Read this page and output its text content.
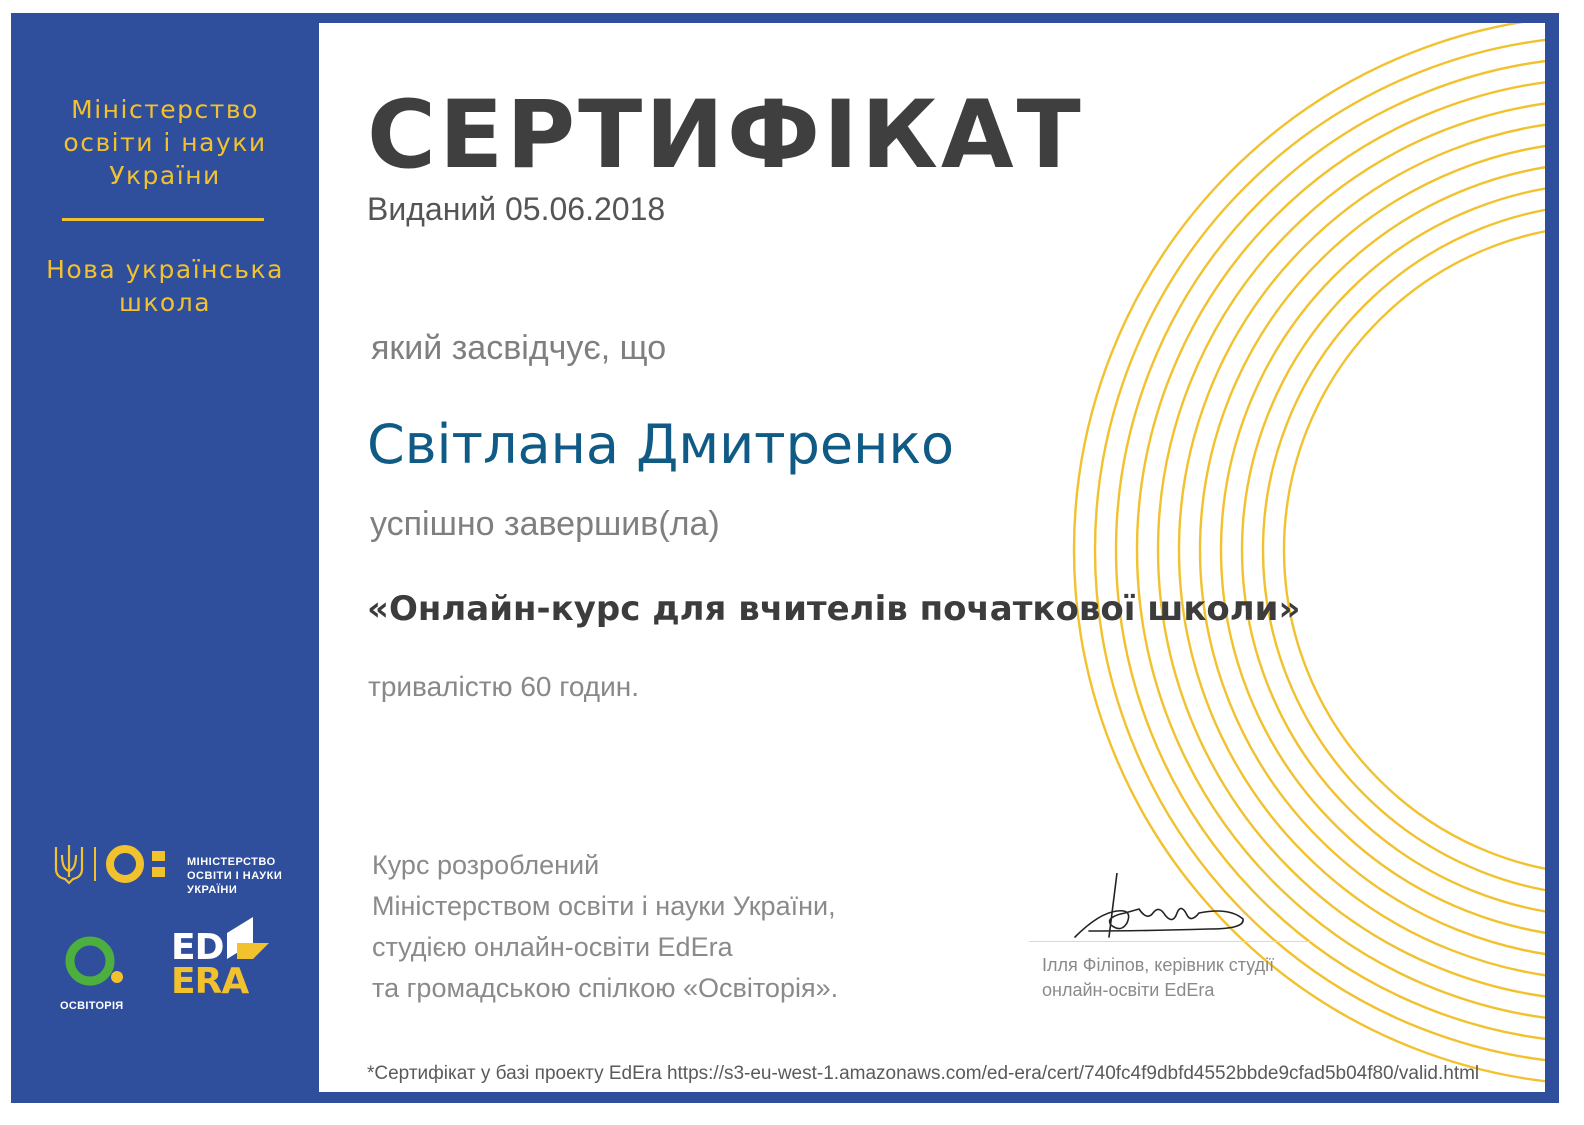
Міністерство
освіти і науки
України
Нова українська
школа
МІНІСТЕРСТВО
ОСВІТИ І НАУКИ
УКРАЇНИ
ОСВІТОРІЯ
ED
ERA
СЕРТИФІКАТ
Виданий 05.06.2018
який засвідчує, що
Світлана Дмитренко
успішно завершив(ла)
«Онлайн-курс для вчителів початкової школи»
тривалістю 60 годин.
Курс розроблений
Міністерством освіти і науки України,
студією онлайн-освіти EdEra
та громадською спілкою «Освіторія».
Ілля Філіпов, керівник студії
онлайн-освіти EdEra
*Сертифікат у базі проекту EdEra https://s3-eu-west-1.amazonaws.com/ed-era/cert/740fc4f9dbfd4552bbde9cfad5b04f80/valid.html
